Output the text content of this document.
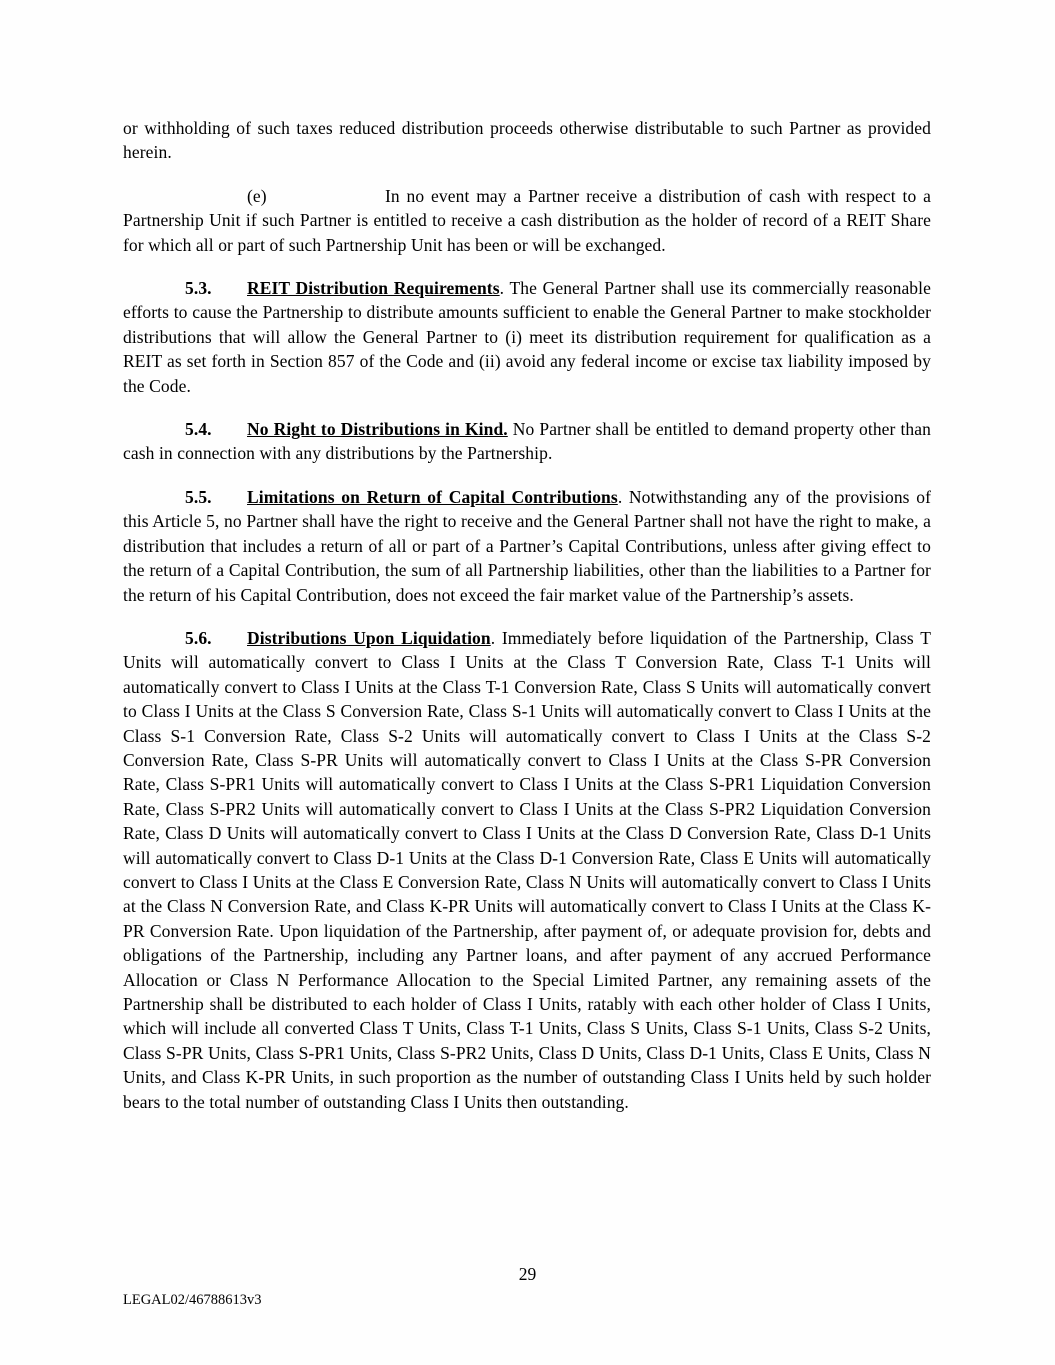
or withholding of such taxes reduced distribution proceeds otherwise distributable to such Partner as provided herein.

(e)	In no event may a Partner receive a distribution of cash with respect to a Partnership Unit if such Partner is entitled to receive a cash distribution as the holder of record of a REIT Share for which all or part of such Partnership Unit has been or will be exchanged.

5.3. REIT Distribution Requirements. The General Partner shall use its commercially reasonable efforts to cause the Partnership to distribute amounts sufficient to enable the General Partner to make stockholder distributions that will allow the General Partner to (i) meet its distribution requirement for qualification as a REIT as set forth in Section 857 of the Code and (ii) avoid any federal income or excise tax liability imposed by the Code.

5.4. No Right to Distributions in Kind. No Partner shall be entitled to demand property other than cash in connection with any distributions by the Partnership.

5.5. Limitations on Return of Capital Contributions. Notwithstanding any of the provisions of this Article 5, no Partner shall have the right to receive and the General Partner shall not have the right to make, a distribution that includes a return of all or part of a Partner’s Capital Contributions, unless after giving effect to the return of a Capital Contribution, the sum of all Partnership liabilities, other than the liabilities to a Partner for the return of his Capital Contribution, does not exceed the fair market value of the Partnership’s assets.

5.6. Distributions Upon Liquidation. Immediately before liquidation of the Partnership, Class T Units will automatically convert to Class I Units at the Class T Conversion Rate, Class T-1 Units will automatically convert to Class I Units at the Class T-1 Conversion Rate, Class S Units will automatically convert to Class I Units at the Class S Conversion Rate, Class S-1 Units will automatically convert to Class I Units at the Class S-1 Conversion Rate, Class S-2 Units will automatically convert to Class I Units at the Class S-2 Conversion Rate, Class S-PR Units will automatically convert to Class I Units at the Class S-PR Conversion Rate, Class S-PR1 Units will automatically convert to Class I Units at the Class S-PR1 Liquidation Conversion Rate, Class S-PR2 Units will automatically convert to Class I Units at the Class S-PR2 Liquidation Conversion Rate, Class D Units will automatically convert to Class I Units at the Class D Conversion Rate, Class D-1 Units will automatically convert to Class D-1 Units at the Class D-1 Conversion Rate, Class E Units will automatically convert to Class I Units at the Class E Conversion Rate, Class N Units will automatically convert to Class I Units at the Class N Conversion Rate, and Class K-PR Units will automatically convert to Class I Units at the Class K-PR Conversion Rate. Upon liquidation of the Partnership, after payment of, or adequate provision for, debts and obligations of the Partnership, including any Partner loans, and after payment of any accrued Performance Allocation or Class N Performance Allocation to the Special Limited Partner, any remaining assets of the Partnership shall be distributed to each holder of Class I Units, ratably with each other holder of Class I Units, which will include all converted Class T Units, Class T-1 Units, Class S Units, Class S-1 Units, Class S-2 Units, Class S-PR Units, Class S-PR1 Units, Class S-PR2 Units, Class D Units, Class D-1 Units, Class E Units, Class N Units, and Class K-PR Units, in such proportion as the number of outstanding Class I Units held by such holder bears to the total number of outstanding Class I Units then outstanding.

29
LEGAL02/46788613v3
